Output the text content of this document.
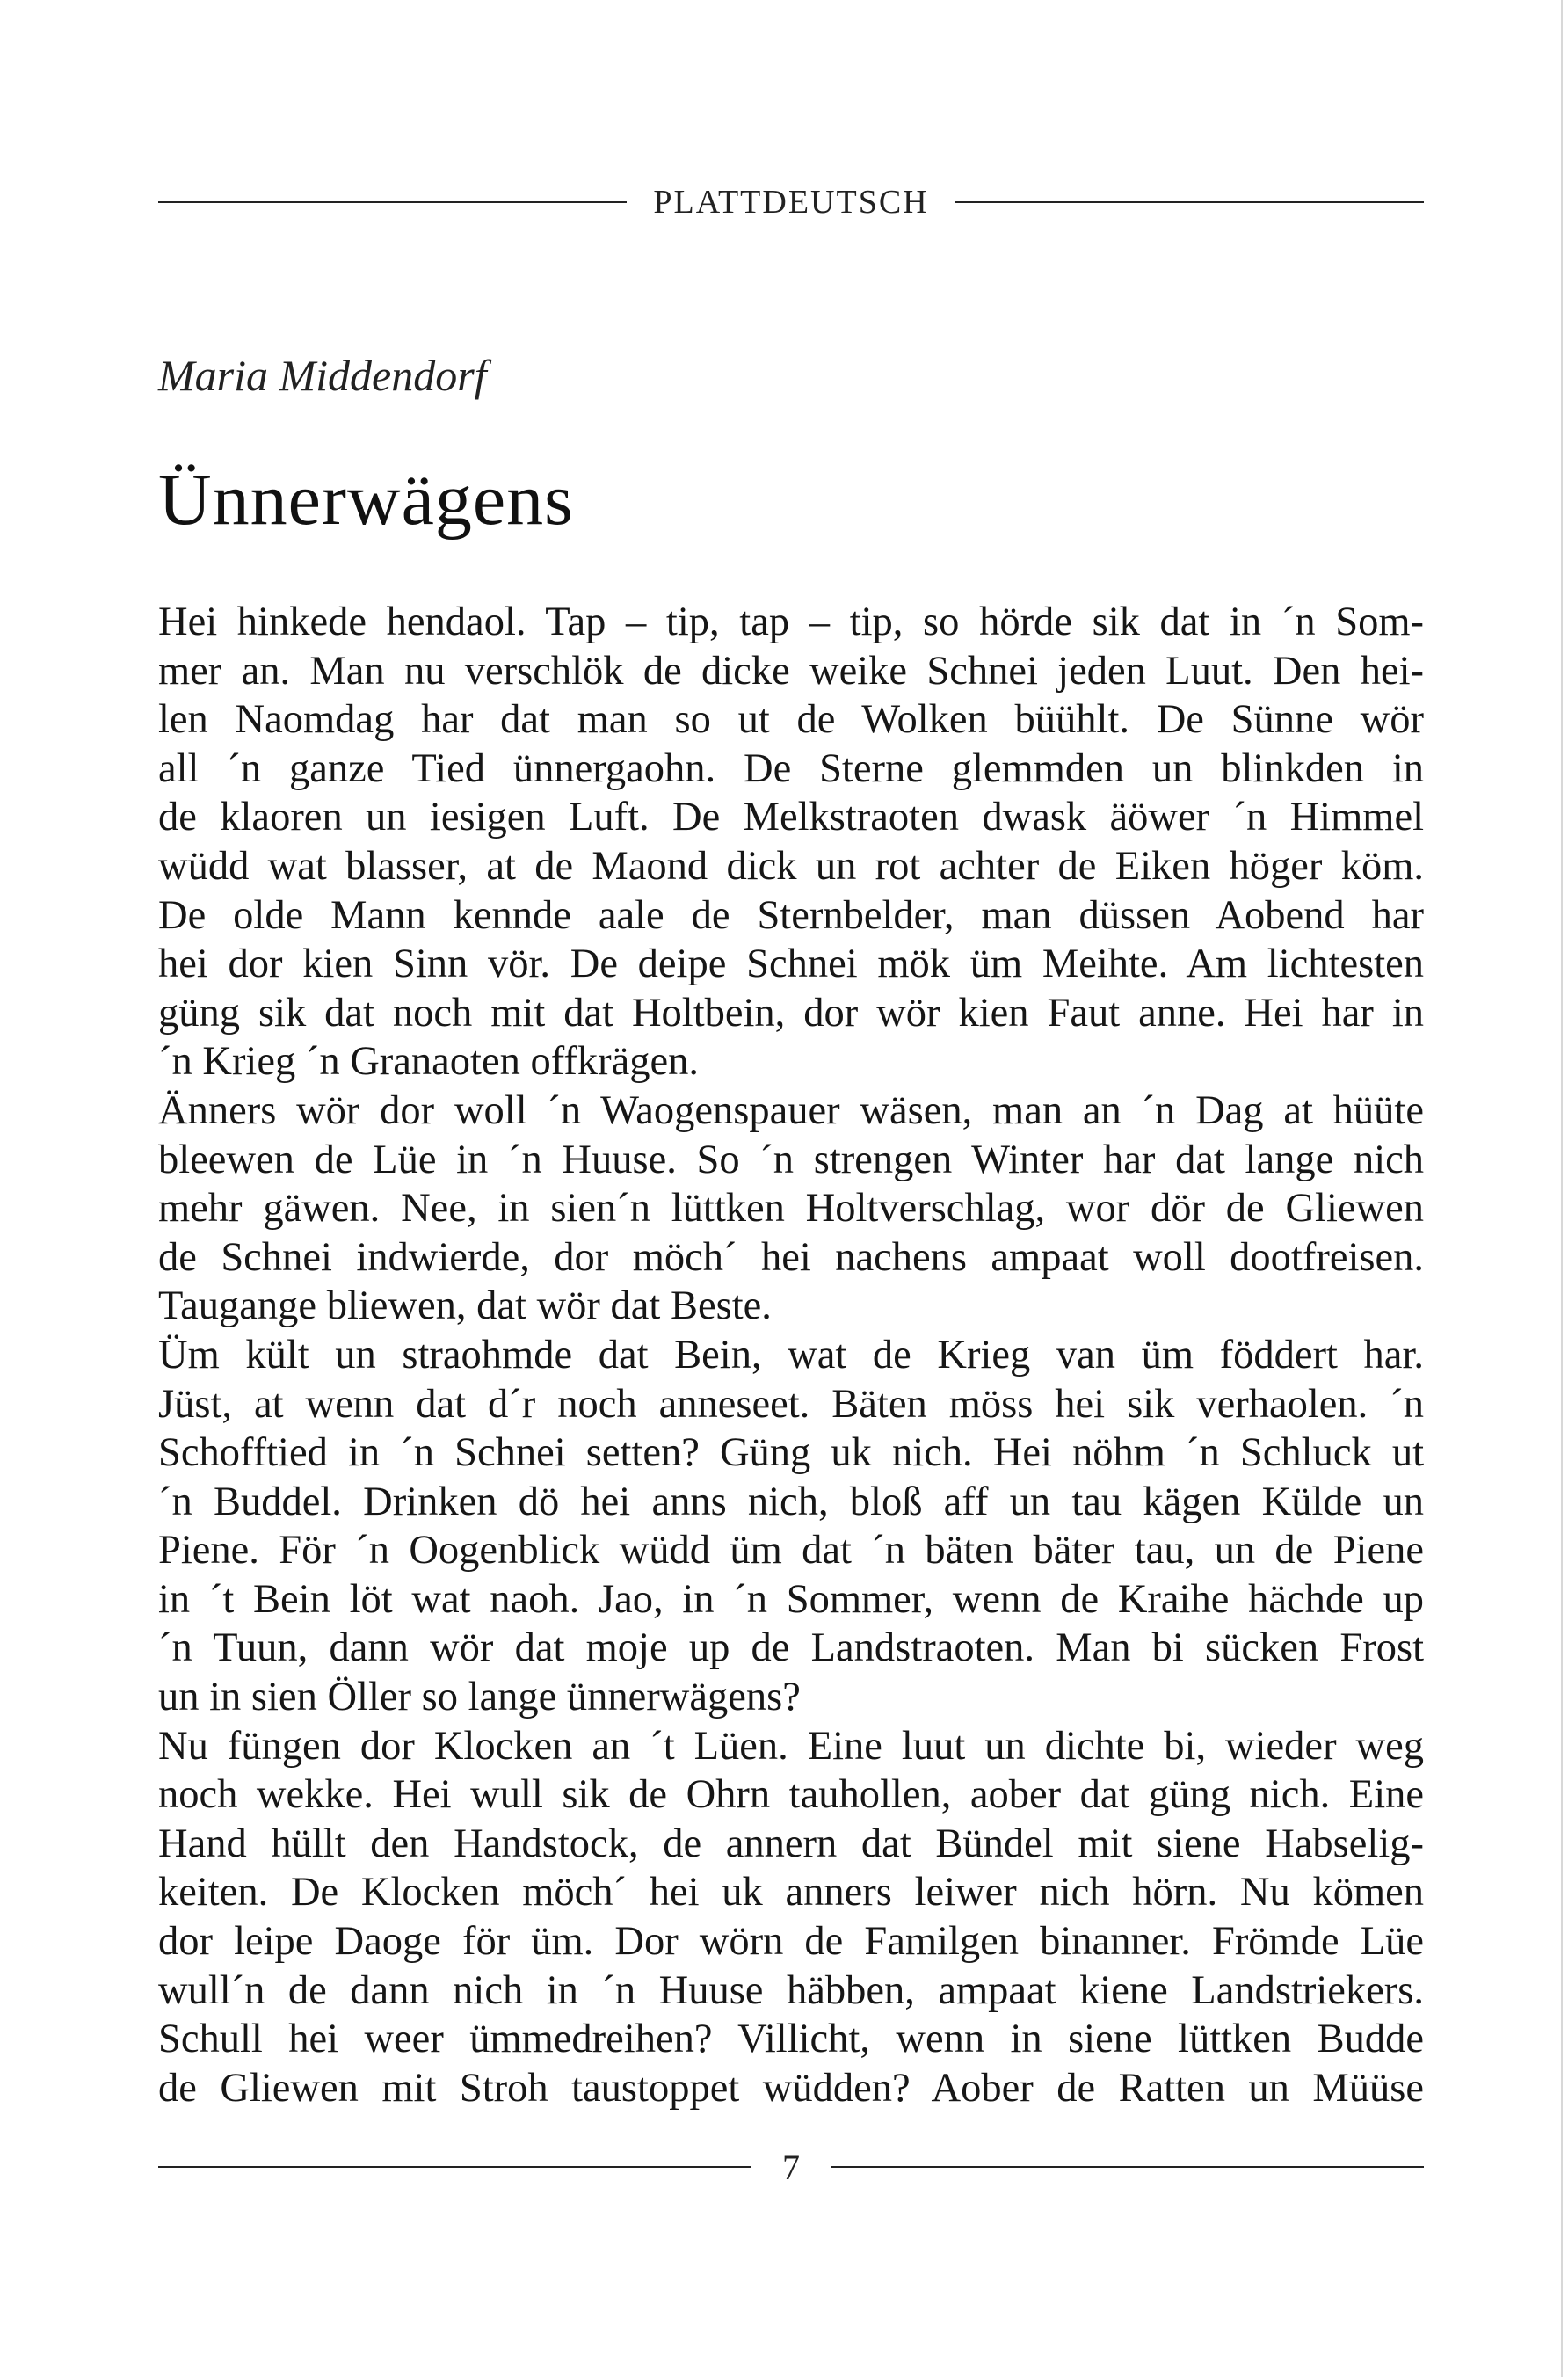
PLATTDEUTSCH
Maria Middendorf
Ünnerwägens
Hei hinkede hendaol. Tap – tip, tap – tip, so hörde sik dat in ´n Som-
mer an. Man nu verschlök de dicke weike Schnei jeden Luut. Den hei-
len Naomdag har dat man so ut de Wolken büühlt. De Sünne wör
all ´n ganze Tied ünnergaohn. De Sterne glemmden un blinkden in
de klaoren un iesigen Luft. De Melkstraoten dwask äöwer ´n Himmel
wüdd wat blasser, at de Maond dick un rot achter de Eiken höger köm.
De olde Mann kennde aale de Sternbelder, man düssen Aobend har
hei dor kien Sinn vör. De deipe Schnei mök üm Meihte. Am lichtesten
güng sik dat noch mit dat Holtbein, dor wör kien Faut anne. Hei har in
´n Krieg ´n Granaoten offkrägen.
Änners wör dor woll ´n Waogenspauer wäsen, man an ´n Dag at hüüte
bleewen de Lüe in ´n Huuse. So ´n strengen Winter har dat lange nich
mehr gäwen. Nee, in sien´n lüttken Holtverschlag, wor dör de Gliewen
de Schnei indwierde, dor möch´ hei nachens ampaat woll dootfreisen.
Taugange bliewen, dat wör dat Beste.
Üm kült un straohmde dat Bein, wat de Krieg van üm föddert har.
Jüst, at wenn dat d´r noch anneseet. Bäten möss hei sik verhaolen. ´n
Schofftied in ´n Schnei setten? Güng uk nich. Hei nöhm ´n Schluck ut
´n Buddel. Drinken dö hei anns nich, bloß aff un tau kägen Külde un
Piene. För ´n Oogenblick wüdd üm dat ´n bäten bäter tau, un de Piene
in ´t Bein löt wat naoh. Jao, in ´n Sommer, wenn de Kraihe hächde up
´n Tuun, dann wör dat moje up de Landstraoten. Man bi sücken Frost
un in sien Öller so lange ünnerwägens?
Nu füngen dor Klocken an ´t Lüen. Eine luut un dichte bi, wieder weg
noch wekke. Hei wull sik de Ohrn tauhollen, aober dat güng nich. Eine
Hand hüllt den Handstock, de annern dat Bündel mit siene Habselig-
keiten. De Klocken möch´ hei uk anners leiwer nich hörn. Nu kömen
dor leipe Daoge för üm. Dor wörn de Familgen binanner. Frömde Lüe
wull´n de dann nich in ´n Huuse häbben, ampaat kiene Landstriekers.
Schull hei weer ümmedreihen? Villicht, wenn in siene lüttken Budde
de Gliewen mit Stroh taustoppet wüdden? Aober de Ratten un Müüse
7
